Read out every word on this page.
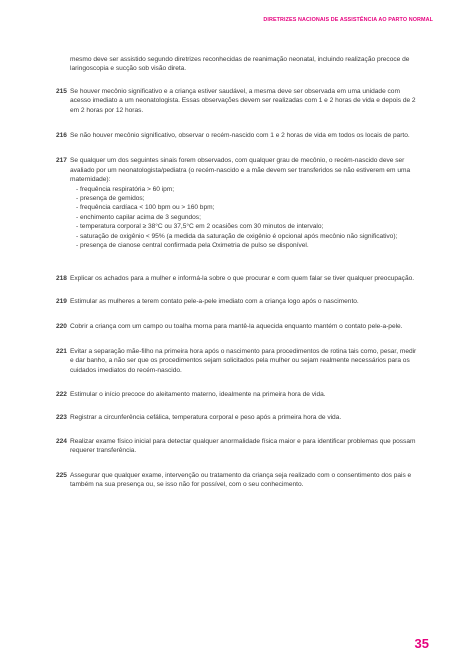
DIRETRIZES NACIONAIS DE ASSISTÊNCIA AO PARTO NORMAL
mesmo deve ser assistido segundo diretrizes reconhecidas de reanimação neonatal, incluindo realização precoce de
laringoscopia e sucção sob visão direta.
215 Se houver mecônio significativo e a criança estiver saudável, a mesma deve ser observada em uma unidade com
acesso imediato a um neonatologista. Essas observações devem ser realizadas com 1 e 2 horas de vida e depois de 2
em 2 horas por 12 horas.
216 Se não houver mecônio significativo, observar o recém-nascido com 1 e 2 horas de vida em todos os locais de parto.
217 Se qualquer um dos seguintes sinais forem observados, com qualquer grau de mecônio, o recém-nascido deve ser
avaliado por um neonatologista/pediatra (o recém-nascido e a mãe devem ser transferidos se não estiverem em uma
maternidade):
- frequência respiratória > 60 ipm;
- presença de gemidos;
- frequência cardíaca < 100 bpm ou > 160 bpm;
- enchimento capilar acima de 3 segundos;
- temperatura corporal ≥ 38°C ou 37,5°C em 2 ocasiões com 30 minutos de intervalo;
- saturação de oxigênio < 95% (a medida da saturação de oxigênio é opcional após mecônio não significativo);
- presença de cianose central confirmada pela Oximetria de pulso se disponível.
218 Explicar os achados para a mulher e informá-la sobre o que procurar e com quem falar se tiver qualquer preocupação.
219 Estimular as mulheres a terem contato pele-a-pele imediato com a criança logo após o nascimento.
220 Cobrir a criança com um campo ou toalha morna para mantê-la aquecida enquanto mantém o contato pele-a-pele.
221 Evitar a separação mãe-filho na primeira hora após o nascimento para procedimentos de rotina tais como, pesar, medir
e dar banho, a não ser que os procedimentos sejam solicitados pela mulher ou sejam realmente necessários para os
cuidados imediatos do recém-nascido.
222 Estimular o início precoce do aleitamento materno, idealmente na primeira hora de vida.
223 Registrar a circunferência cefálica, temperatura corporal e peso após a primeira hora de vida.
224 Realizar exame físico inicial para detectar qualquer anormalidade física maior e para identificar problemas que possam
requerer transferência.
225 Assegurar que qualquer exame, intervenção ou tratamento da criança seja realizado com o consentimento dos pais e
também na sua presença ou, se isso não for possível, com o seu conhecimento.
35
